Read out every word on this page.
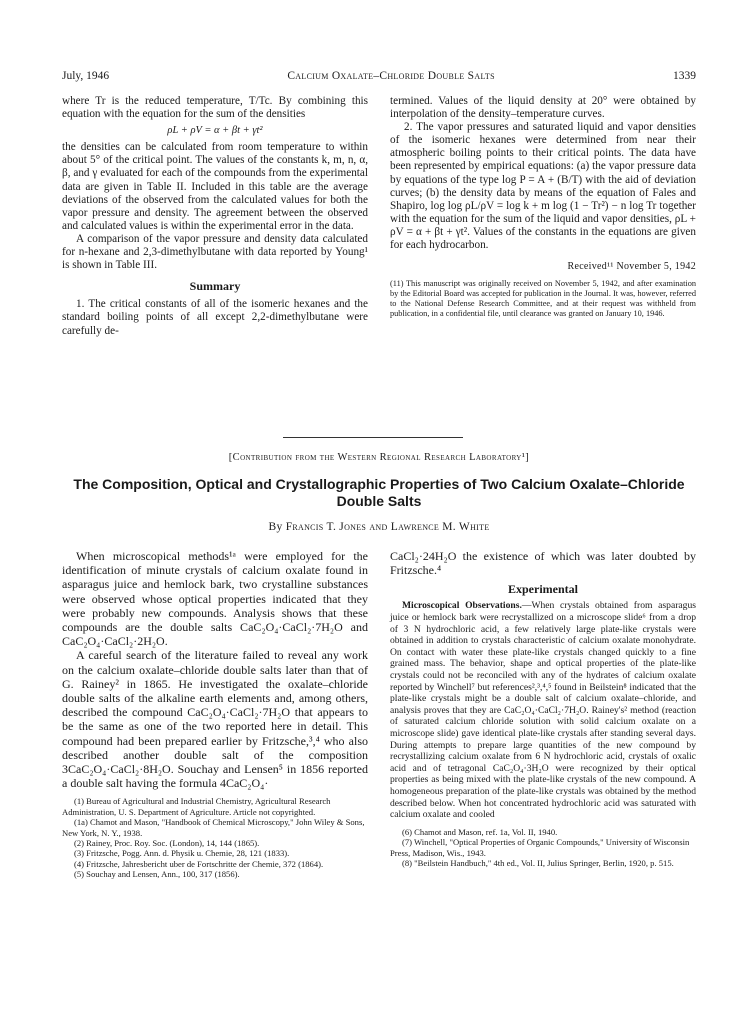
July, 1946	Calcium Oxalate–Chloride Double Salts	1339

where Tr is the reduced temperature, T/Tc. By combining this equation with the equation for the sum of the densities

ρL + ρV = α + βt + γt²

the densities can be calculated from room temperature to within about 5° of the critical point. The values of the constants k, m, n, α, β, and γ evaluated for each of the compounds from the experimental data are given in Table II. Included in this table are the average deviations of the observed from the calculated values for both the vapor pressure and density. The agreement between the observed and calculated values is within the experimental error in the data.

A comparison of the vapor pressure and density data calculated for n-hexane and 2,3-dimethylbutane with data reported by Young¹ is shown in Table III.

Summary

1. The critical constants of all of the isomeric hexanes and the standard boiling points of all except 2,2-dimethylbutane were carefully de-

termined. Values of the liquid density at 20° were obtained by interpolation of the density–temperature curves.

2. The vapor pressures and saturated liquid and vapor densities of the isomeric hexanes were determined from near their atmospheric boiling points to their critical points. The data have been represented by empirical equations: (a) the vapor pressure data by equations of the type log P = A + (B/T) with the aid of deviation curves; (b) the density data by means of the equation of Fales and Shapiro, log log ρL/ρV = log k + m log (1 − Tr²) − n log Tr together with the equation for the sum of the liquid and vapor densities, ρL + ρV = α + βt + γt². Values of the constants in the equations are given for each hydrocarbon.

Received¹¹ November 5, 1942

(11) This manuscript was originally received on November 5, 1942, and after examination by the Editorial Board was accepted for publication in the Journal. It was, however, referred to the National Defense Research Committee, and at their request was withheld from publication, in a confidential file, until clearance was granted on January 10, 1946.

[Contribution from the Western Regional Research Laboratory¹]
The Composition, Optical and Crystallographic Properties of Two Calcium Oxalate–Chloride Double Salts
By Francis T. Jones and Lawrence M. White

When microscopical methods¹ᵃ were employed for the identification of minute crystals of calcium oxalate found in asparagus juice and hemlock bark, two crystalline substances were observed whose optical properties indicated that they were probably new compounds. Analysis shows that these compounds are the double salts CaC₂O₄·CaCl₂·7H₂O and CaC₂O₄·CaCl₂·2H₂O.

A careful search of the literature failed to reveal any work on the calcium oxalate–chloride double salts later than that of G. Rainey² in 1865. He investigated the oxalate–chloride double salts of the alkaline earth elements and, among others, described the compound CaC₂O₄·CaCl₂·7H₂O that appears to be the same as one of the two reported here in detail. This compound had been prepared earlier by Fritzsche,³,⁴ who also described another double salt of the composition 3CaC₂O₄·CaCl₂·8H₂O. Souchay and Lensen⁵ in 1856 reported a double salt having the formula 4CaC₂O₄·

(1) Bureau of Agricultural and Industrial Chemistry, Agricultural Research Administration, U. S. Department of Agriculture. Article not copyrighted.

(1a) Chamot and Mason, "Handbook of Chemical Microscopy," John Wiley & Sons, New York, N. Y., 1938.

(2) Rainey, Proc. Roy. Soc. (London), 14, 144 (1865).

(3) Fritzsche, Pogg. Ann. d. Physik u. Chemie, 28, 121 (1833).

(4) Fritzsche, Jahresbericht uber de Fortschritte der Chemie, 372 (1864).

(5) Souchay and Lensen, Ann., 100, 317 (1856).

CaCl₂·24H₂O the existence of which was later doubted by Fritzsche.⁴

Experimental

Microscopical Observations.—When crystals obtained from asparagus juice or hemlock bark were recrystallized on a microscope slide⁶ from a drop of 3 N hydrochloric acid, a few relatively large plate-like crystals were obtained in addition to crystals characteristic of calcium oxalate monohydrate. On contact with water these plate-like crystals changed quickly to a fine grained mass. The behavior, shape and optical properties of the plate-like crystals could not be reconciled with any of the hydrates of calcium oxalate reported by Winchell⁷ but references²,³,⁴,⁵ found in Beilstein⁸ indicated that the plate-like crystals might be a double salt of calcium oxalate–chloride, and analysis proves that they are CaC₂O₄·CaCl₂·7H₂O. Rainey's² method (reaction of saturated calcium chloride solution with solid calcium oxalate on a microscope slide) gave identical plate-like crystals after standing several days. During attempts to prepare large quantities of the new compound by recrystallizing calcium oxalate from 6 N hydrochloric acid, crystals of oxalic acid and of tetragonal CaC₂O₄·3H₂O were recognized by their optical properties as being mixed with the plate-like crystals of the new compound. A homogeneous preparation of the plate-like crystals was obtained by the method described below. When hot concentrated hydrochloric acid was saturated with calcium oxalate and cooled

(6) Chamot and Mason, ref. 1a, Vol. II, 1940.

(7) Winchell, "Optical Properties of Organic Compounds," University of Wisconsin Press, Madison, Wis., 1943.

(8) "Beilstein Handbuch," 4th ed., Vol. II, Julius Springer, Berlin, 1920, p. 515.
